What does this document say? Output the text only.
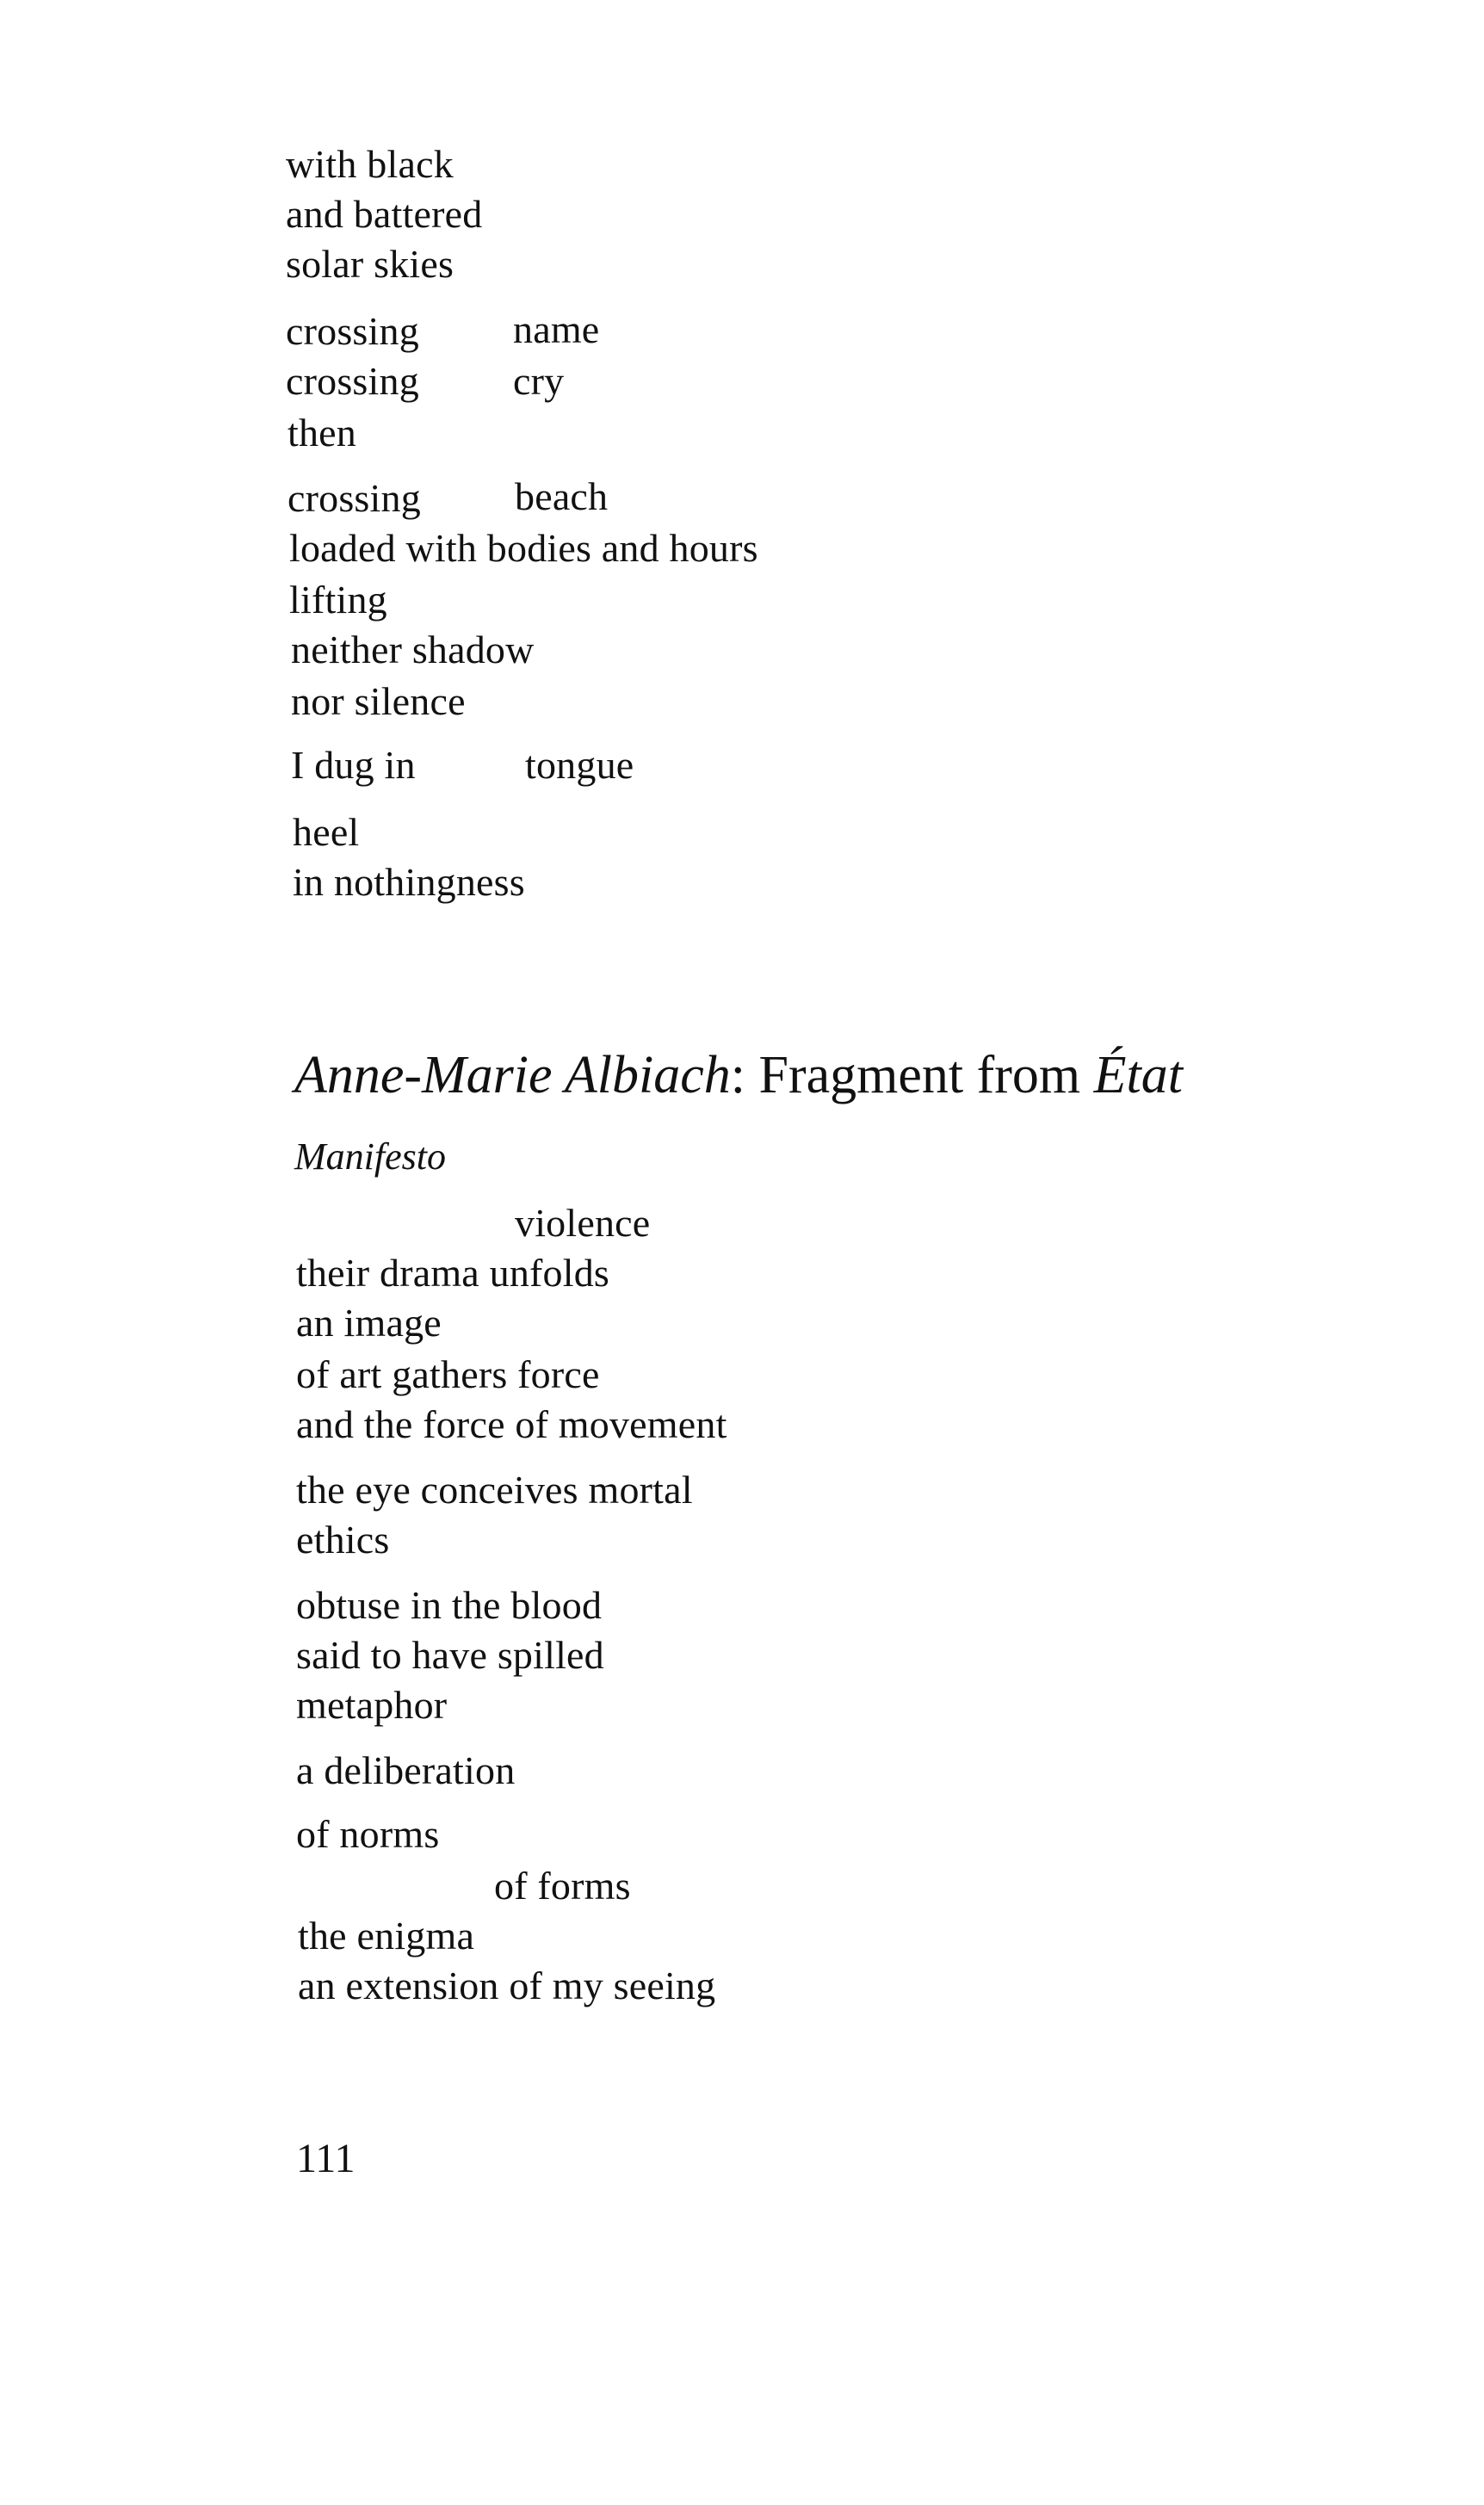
with black
and battered
solar skies
crossing name
crossing cry
then
crossing beach
loaded with bodies and hours
lifting
neither shadow
nor silence
I dug in	tongue
heel
in nothingness
Anne-Marie Albiach: Fragment from État
Manifesto
violence
their drama unfolds
an image
of art gathers force
and the force of movement
the eye conceives mortal
ethics
obtuse in the blood
said to have spilled
metaphor
a deliberation
of norms
of forms
the enigma
an extension of my seeing
111
